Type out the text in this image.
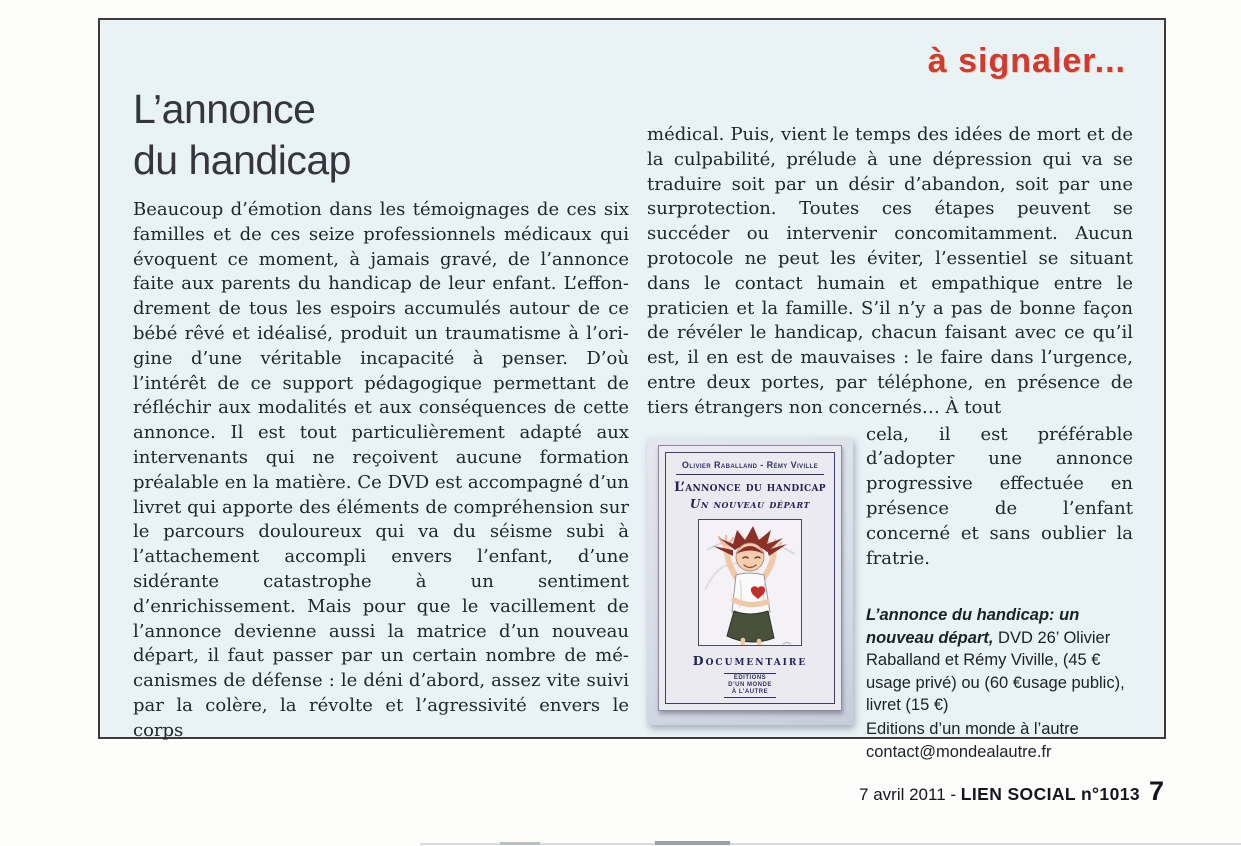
à signaler...
L’annonce
du handicap

Beaucoup d’émotion dans les témoignages de ces six familles et de ces seize professionnels médicaux qui évoquent ce moment, à jamais gravé, de l’annonce faite aux parents du handicap de leur enfant. L’effondrement de tous les espoirs accumulés autour de ce bébé rêvé et idéalisé, produit un traumatisme à l’origine d’une véritable incapacité à penser. D’où l’intérêt de ce support pédagogique permettant de réfléchir aux modalités et aux conséquences de cette annonce. Il est tout particulièrement adapté aux intervenants qui ne reçoivent aucune formation préalable en la matière. Ce DVD est accompagné d’un livret qui apporte des éléments de compréhension sur le parcours douloureux qui va du séisme subi à l’attachement accompli envers l’enfant, d’une sidérante catastrophe à un sentiment d’enrichissement. Mais pour que le vacillement de l’annonce devienne aussi la matrice d’un nouveau départ, il faut passer par un certain nombre de mécanismes de défense : le déni d’abord, assez vite suivi par la colère, la révolte et l’agressivité envers le corps

médical. Puis, vient le temps des idées de mort et de la culpabilité, prélude à une dépression qui va se traduire soit par un désir d’abandon, soit par une surprotection. Toutes ces étapes peuvent se succéder ou intervenir concomitamment. Aucun protocole ne peut les éviter, l’essentiel se situant dans le contact humain et empathique entre le praticien et la famille. S’il n’y a pas de bonne façon de révéler le handicap, chacun faisant avec ce qu’il est, il en est de mauvaises : le faire dans l’urgence, entre deux portes, par téléphone, en présence de tiers étrangers non concernés… À tout

Olivier Raballand - Rémy Viville
L’annonce du handicap
Un nouveau départ
Documentaire
ÉDITIONS
D’UN MONDE
À L’AUTRE

cela, il est préférable d’adopter une annonce progressive effectuée en présence de l’enfant concerné et sans oublier la fratrie.

L’annonce du handicap: un nouveau départ, DVD 26’ Olivier Raballand et Rémy Viville, (45 € usage privé) ou (60 €usage public), livret (15 €)
Editions d’un monde à l’autre
contact@mondealautre.fr
7 avril 2011 - LIEN SOCIAL n°1013 7
